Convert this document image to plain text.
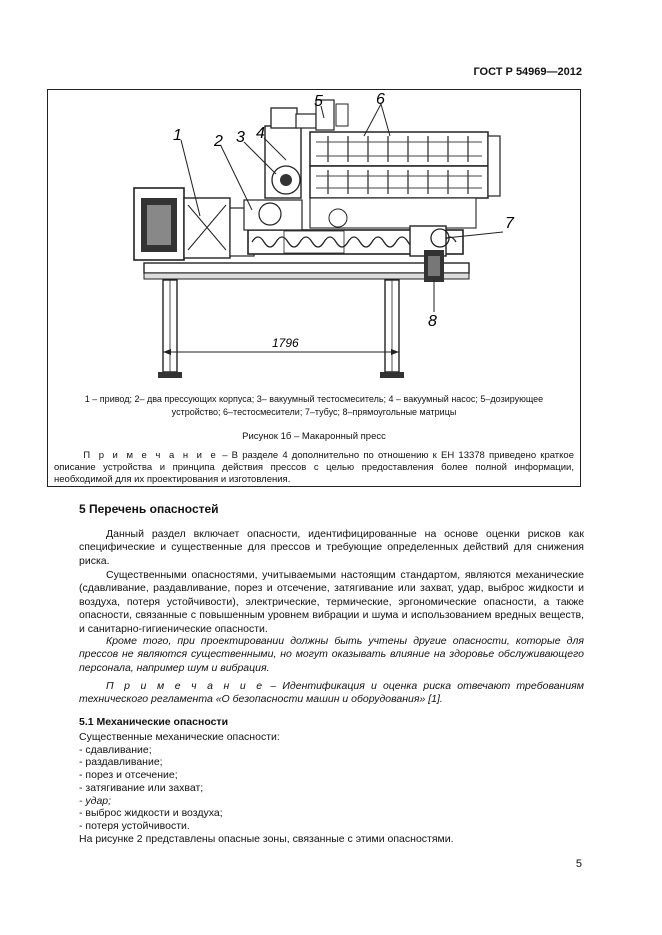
ГОСТ Р 54969—2012
1 2 3 4
5	6
7
8
1796
1 – привод; 2– два прессующих корпуса; 3– вакуумный тестосмеситель; 4 – вакуумный насос; 5–дозирующее
устройство; 6–тестосмесители; 7–тубус; 8–прямоугольные матрицы
Рисунок 1б – Макаронный пресс
П р и м е ч а н и е – В разделе 4 дополнительно по отношению к ЕН 13378 приведено краткое описание устройства и принципа действия прессов с целью предоставления более полной информации, необходимой для их проектирования и изготовления.
5 Перечень опасностей

Данный раздел включает опасности, идентифицированные на основе оценки рисков как специфические и существенные для прессов и требующие определенных действий для снижения риска.

Существенными опасностями, учитываемыми настоящим стандартом, являются механические (сдавливание, раздавливание, порез и отсечение, затягивание или захват, удар, выброс жидкости и воздуха, потеря устойчивости), электрические, термические, эргономические опасности, а также опасности, связанные с повышенным уровнем вибрации и шума и использованием вредных веществ, и санитарно-гигиенические опасности.

Кроме того, при проектировании должны быть учтены другие опасности, которые для прессов не являются существенными, но могут оказывать влияние на здоровье обслуживающего персонала, например шум и вибрация.

П р и м е ч а н и е – Идентификация и оценка риска отвечают требованиям технического регламента «О безопасности машин и оборудования» [1].

5.1 Механические опасности
Существенные механические опасности:
- сдавливание;
- раздавливание;
- порез и отсечение;
- затягивание или захват;
- удар;
- выброс жидкости и воздуха;
- потеря устойчивости.
На рисунке 2 представлены опасные зоны, связанные с этими опасностями.
5
